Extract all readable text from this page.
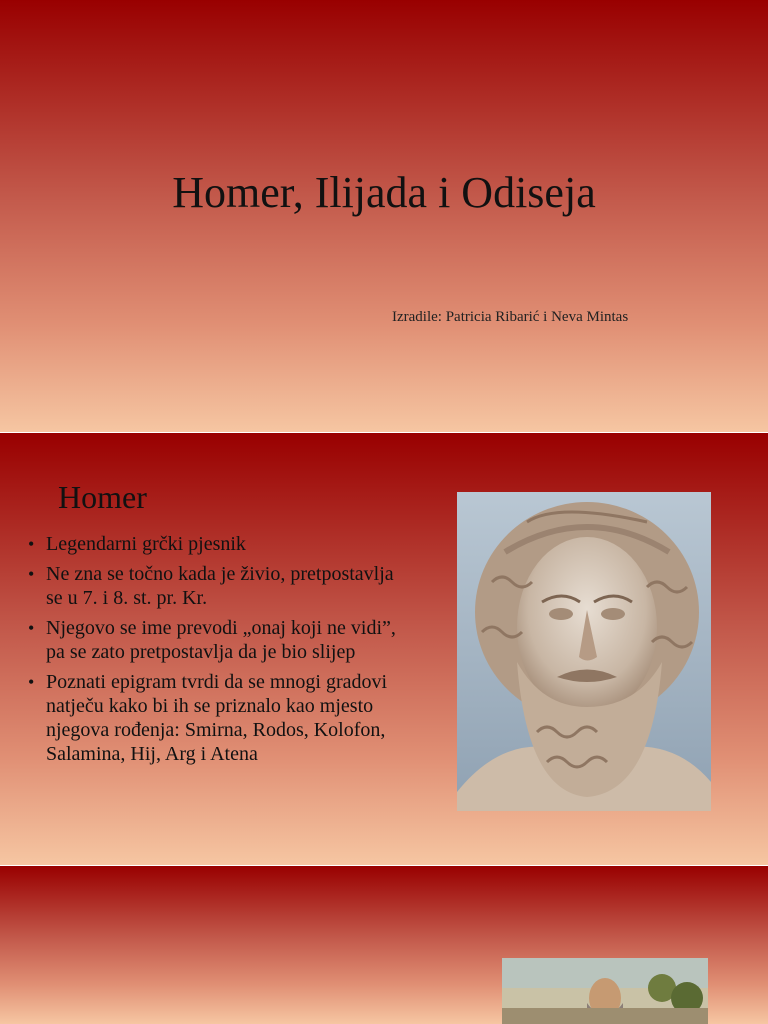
Homer, Ilijada i Odiseja
Izradile: Patricia Ribarić i Neva Mintas
Homer
• Legendarni grčki pjesnik
• Ne zna se točno kada je živio, pretpostavlja se u 7. i 8. st. pr. Kr.
• Njegovo se ime prevodi „onaj koji ne vidi”, pa se zato pretpostavlja da je bio slijep
• Poznati epigram tvrdi da se mnogi gradovi natječu kako bi ih se priznalo kao mjesto njegova rođenja: Smirna, Rodos, Kolofon, Salamina, Hij, Arg i Atena
